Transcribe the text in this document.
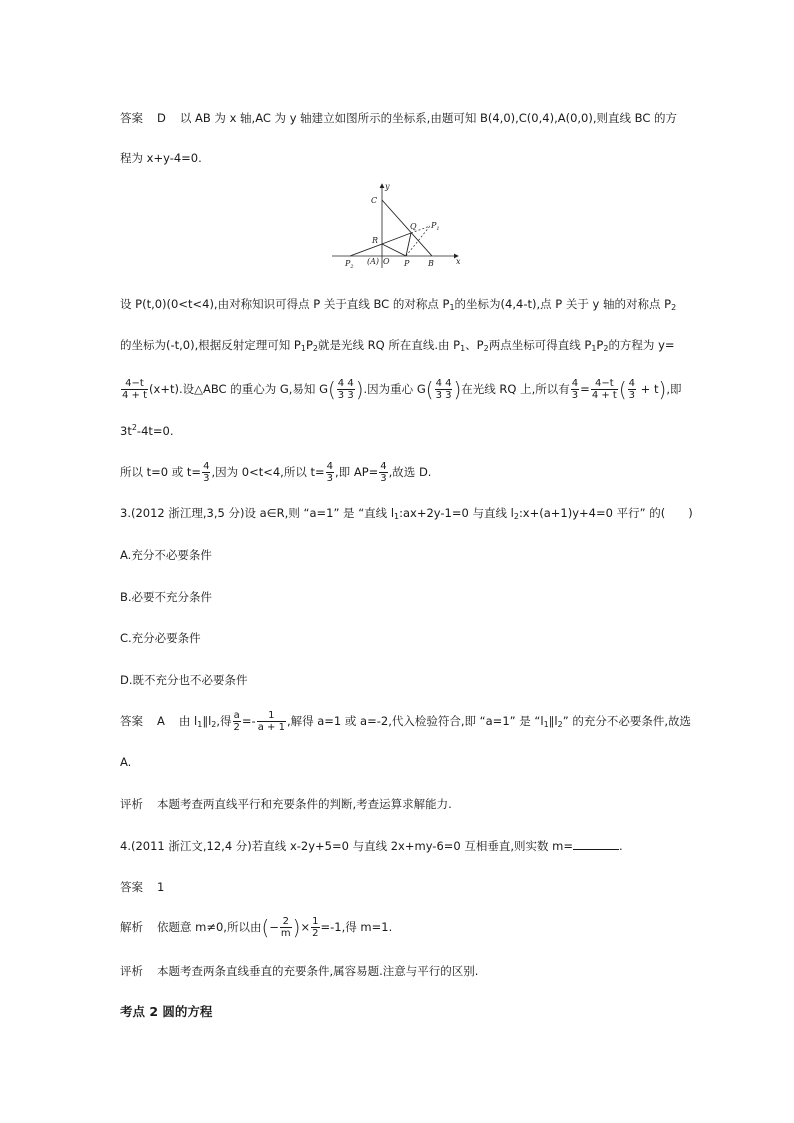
答案 D 以 AB 为 x 轴,AC 为 y 轴建立如图所示的坐标系,由题可知 B(4,0),C(0,4),A(0,0),则直线 BC 的方
程为 x+y-4=0.
y
x
C
Q $P_1$
R
$P_2$
(A) O P B
设 P(t,0)(0<t<4),由对称知识可得点 P 关于直线 BC 的对称点 $P_1$的坐标为(4,4-t),点 P 关于 y 轴的对称点 $P_2$
的坐标为(-t,0),根据反射定理可知 $P_1P_2$就是光线 RQ 所在直线.由 $P_1$、$P_2$两点坐标可得直线 $P_1P_2$的方程为 y=
$\frac{4-t}{4 + t} (x+t)$.设△ABC 的重心为 G,易知 $G( \frac{4 4}{3 3}$ ).因为重心 $G( \frac{4 4}{3 3}$ )在光线 RQ 上,所以有 $\frac{4}{3} = \frac{4-t}{4 + t}$ ( $\frac{4}{3} + t$),即
$3t^2-4t=0$.
所以 t=0 或 $t= \frac{4}{3}$ ,因为 0<t<4,所以 $t= \frac{4}{3}$ ,即 $AP= \frac{4}{3}$ ,故选 D.
3.(2012 浙江理,3,5 分)设 a∈R,则 “a=1” 是 “直线 $l_1:ax+2y-1=0$ 与直线 $l_2:x+(a+1)y+4=0$ 平行” 的(　　)
A.充分不必要条件
B.必要不充分条件
C.充分必要条件
D.既不充分也不必要条件
答案 A 由 $l_1\parallel l_2$,得 $\frac{a}{2} =- \frac{1}{a + 1}$ ,解得 a=1 或 a=-2,代入检验符合,即 “a=1” 是 “$l_1\parallel l_2$” 的充分不必要条件,故选
A.
评析 本题考查两直线平行和充要条件的判断,考查运算求解能力.
4.(2011 浙江文,12,4 分)若直线 x-2y+5=0 与直线 2x+my-6=0 互相垂直,则实数 m=	.
答案 1
解析 依题意 m≠0,所以由(− $\frac{2}{m}$ )× $\frac{1}{2} =-1$,得 m=1.
评析 本题考查两条直线垂直的充要条件,属容易题.注意与平行的区别.
考点 2 圆的方程
